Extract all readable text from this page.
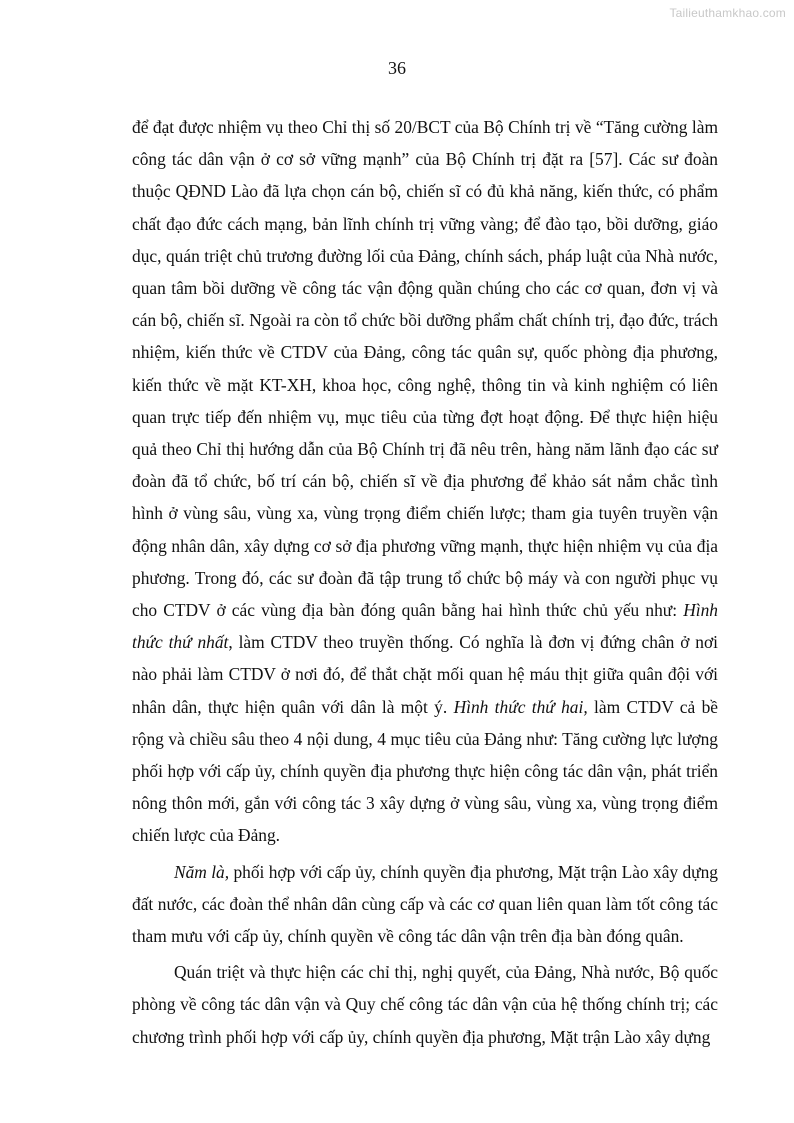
Tailieuthamkhao.com
36

để đạt được nhiệm vụ theo Chỉ thị số 20/BCT của Bộ Chính trị về “Tăng cường làm công tác dân vận ở cơ sở vững mạnh” của Bộ Chính trị đặt ra [57]. Các sư đoàn thuộc QĐND Lào đã lựa chọn cán bộ, chiến sĩ có đủ khả năng, kiến thức, có phẩm chất đạo đức cách mạng, bản lĩnh chính trị vững vàng; để đào tạo, bồi dưỡng, giáo dục, quán triệt chủ trương đường lối của Đảng, chính sách, pháp luật của Nhà nước, quan tâm bồi dưỡng về công tác vận động quần chúng cho các cơ quan, đơn vị và cán bộ, chiến sĩ. Ngoài ra còn tổ chức bồi dưỡng phẩm chất chính trị, đạo đức, trách nhiệm, kiến thức về CTDV của Đảng, công tác quân sự, quốc phòng địa phương, kiến thức về mặt KT-XH, khoa học, công nghệ, thông tin và kinh nghiệm có liên quan trực tiếp đến nhiệm vụ, mục tiêu của từng đợt hoạt động. Để thực hiện hiệu quả theo Chỉ thị hướng dẫn của Bộ Chính trị đã nêu trên, hàng năm lãnh đạo các sư đoàn đã tổ chức, bố trí cán bộ, chiến sĩ về địa phương để khảo sát nắm chắc tình hình ở vùng sâu, vùng xa, vùng trọng điểm chiến lược; tham gia tuyên truyền vận động nhân dân, xây dựng cơ sở địa phương vững mạnh, thực hiện nhiệm vụ của địa phương. Trong đó, các sư đoàn đã tập trung tổ chức bộ máy và con người phục vụ cho CTDV ở các vùng địa bàn đóng quân bằng hai hình thức chủ yếu như: Hình thức thứ nhất, làm CTDV theo truyền thống. Có nghĩa là đơn vị đứng chân ở nơi nào phải làm CTDV ở nơi đó, để thắt chặt mối quan hệ máu thịt giữa quân đội với nhân dân, thực hiện quân với dân là một ý. Hình thức thứ hai, làm CTDV cả bề rộng và chiều sâu theo 4 nội dung, 4 mục tiêu của Đảng như: Tăng cường lực lượng phối hợp với cấp ủy, chính quyền địa phương thực hiện công tác dân vận, phát triển nông thôn mới, gắn với công tác 3 xây dựng ở vùng sâu, vùng xa, vùng trọng điểm chiến lược của Đảng.

Năm là, phối hợp với cấp ủy, chính quyền địa phương, Mặt trận Lào xây dựng đất nước, các đoàn thể nhân dân cùng cấp và các cơ quan liên quan làm tốt công tác tham mưu với cấp ủy, chính quyền về công tác dân vận trên địa bàn đóng quân.

Quán triệt và thực hiện các chỉ thị, nghị quyết, của Đảng, Nhà nước, Bộ quốc phòng về công tác dân vận và Quy chế công tác dân vận của hệ thống chính trị; các chương trình phối hợp với cấp ủy, chính quyền địa phương, Mặt trận Lào xây dựng
